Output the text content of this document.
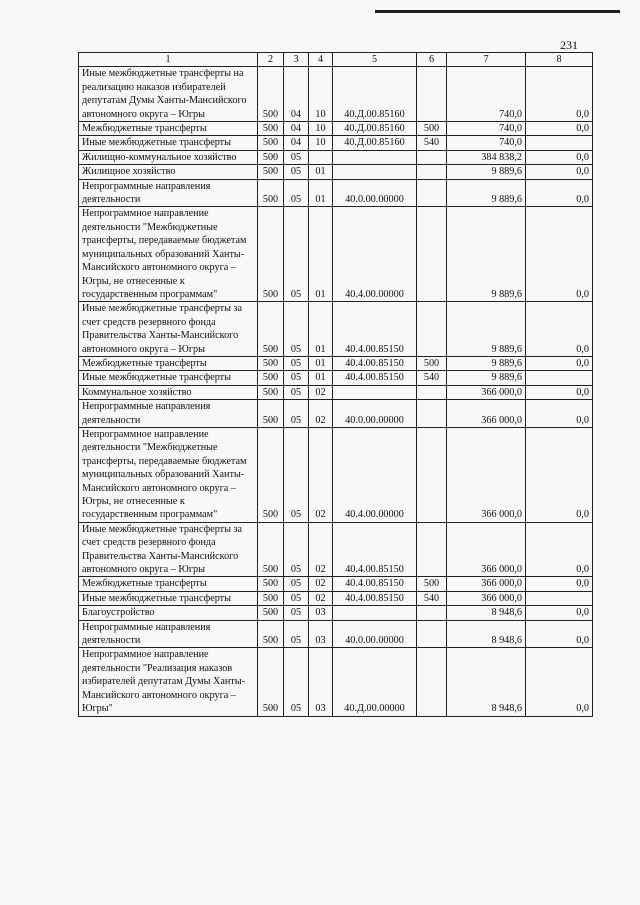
231
1	2	3	4	5	6	7	8
Иные межбюджетные трансферты на реализацию наказов избирателей депутатам Думы Ханты-Мансийского автономного округа – Югры	500	04	10	40.Д.00.85160		740,0	0,0
Межбюджетные трансферты	500	04	10	40.Д.00.85160	500	740,0	0,0
Иные межбюджетные трансферты	500	04	10	40.Д.00.85160	540	740,0	
Жилищно-коммунальное хозяйство	500	05				384 838,2	0,0
Жилищное хозяйство	500	05	01			9 889,6	0,0
Непрограммные направления деятельности	500	05	01	40.0.00.00000		9 889,6	0,0
Непрограммное направление деятельности "Межбюджетные трансферты, передаваемые бюджетам муниципальных образований Ханты-Мансийского автономного округа – Югры, не отнесенные к государственным программам"	500	05	01	40.4.00.00000		9 889,6	0,0
Иные межбюджетные трансферты за счет средств резервного фонда Правительства Ханты-Мансийского автономного округа – Югры	500	05	01	40.4.00.85150		9 889,6	0,0
Межбюджетные трансферты	500	05	01	40.4.00.85150	500	9 889,6	0,0
Иные межбюджетные трансферты	500	05	01	40.4.00.85150	540	9 889,6	
Коммунальное хозяйство	500	05	02			366 000,0	0,0
Непрограммные направления деятельности	500	05	02	40.0.00.00000		366 000,0	0,0
Непрограммное направление деятельности "Межбюджетные трансферты, передаваемые бюджетам муниципальных образований Ханты-Мансийского автономного округа – Югры, не отнесенные к государственным программам"	500	05	02	40.4.00.00000		366 000,0	0,0
Иные межбюджетные трансферты за счет средств резервного фонда Правительства Ханты-Мансийского автономного округа – Югры	500	05	02	40.4.00.85150		366 000,0	0,0
Межбюджетные трансферты	500	05	02	40.4.00.85150	500	366 000,0	0,0
Иные межбюджетные трансферты	500	05	02	40.4.00.85150	540	366 000,0	
Благоустройство	500	05	03			8 948,6	0,0
Непрограммные направления деятельности	500	05	03	40.0.00.00000		8 948,6	0,0
Непрограммное направление деятельности "Реализация наказов избирателей депутатам Думы Ханты-Мансийского автономного округа – Югры"	500	05	03	40.Д.00.00000		8 948,6	0,0
